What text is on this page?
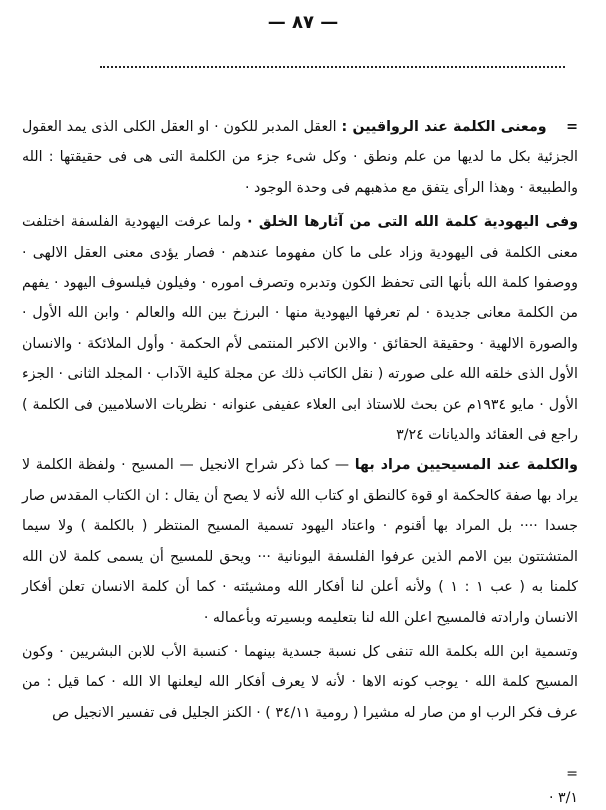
— ٨٧ —

=    ومعنى الكلمة عند الرواقيين : العقل المدبر للكون · او العقل الكلى الذى يمد العقول الجزئية بكل ما لديها من علم ونطق · وكل شىء جزء من الكلمة التى هى فى حقيقتها : الله والطبيعة · وهذا الرأى يتفق مع مذهبهم فى وحدة الوجود ·

وفى اليهودية كلمة الله التى من آثارها الخلق · ولما عرفت اليهودية الفلسفة اختلفت معنى الكلمة فى اليهودية وزاد على ما كان مفهوما عندهم · فصار يؤدى معنى العقل الالهى · ووصفوا كلمة الله بأنها التى تحفظ الكون وتدبره وتصرف اموره · وفيلون فيلسوف اليهود · يفهم من الكلمة معانى جديدة · لم تعرفها اليهودية منها · البرزخ بين الله والعالم · وابن الله الأول · والصورة الالهية · وحقيقة الحقائق · والابن الاكبر المنتمى لأم الحكمة · وأول الملائكة · والانسان الأول الذى خلقه الله على صورته ( نقل الكاتب ذلك عن مجلة كلية الآداب · المجلد الثانى · الجزء الأول · مايو ١٩٣٤م عن بحث للاستاذ ابى العلاء عفيفى عنوانه · نظريات الاسلاميين فى الكلمة ) راجع فى العقائد والديانات ٣/٢٤

والكلمة عند المسيحيين مراد بها — كما ذكر شراح الانجيل — المسيح · ولفظة الكلمة لا يراد بها صفة كالحكمة او قوة كالنطق او كتاب الله لأنه لا يصح أن يقال : ان الكتاب المقدس صار جسدا ···· بل المراد بها أقنوم · واعتاد اليهود تسمية المسيح المنتظر ( بالكلمة ) ولا سيما المتشتتون بين الامم الذين عرفوا الفلسفة اليونانية ··· ويحق للمسيح أن يسمى كلمة لان الله كلمنا به ( عب ١ : ١ ) ولأنه أعلن لنا أفكار الله ومشيئته · كما أن كلمة الانسان تعلن أفكار الانسان وارادته فالمسيح اعلن الله لنا بتعليمه وبسيرته وبأعماله ·

وتسمية ابن الله بكلمة الله تنفى كل نسبة جسدية بينهما · كنسبة الأب للابن البشريين · وكون المسيح كلمة الله · يوجب كونه الاها · لأنه لا يعرف أفكار الله ليعلنها الا الله · كما قيل : من عرف فكر الرب او من صار له مشيرا ( رومية ٣٤/١١ ) · الكنز الجليل فى تفسير الانجيل ص

=
٣/١ ·
